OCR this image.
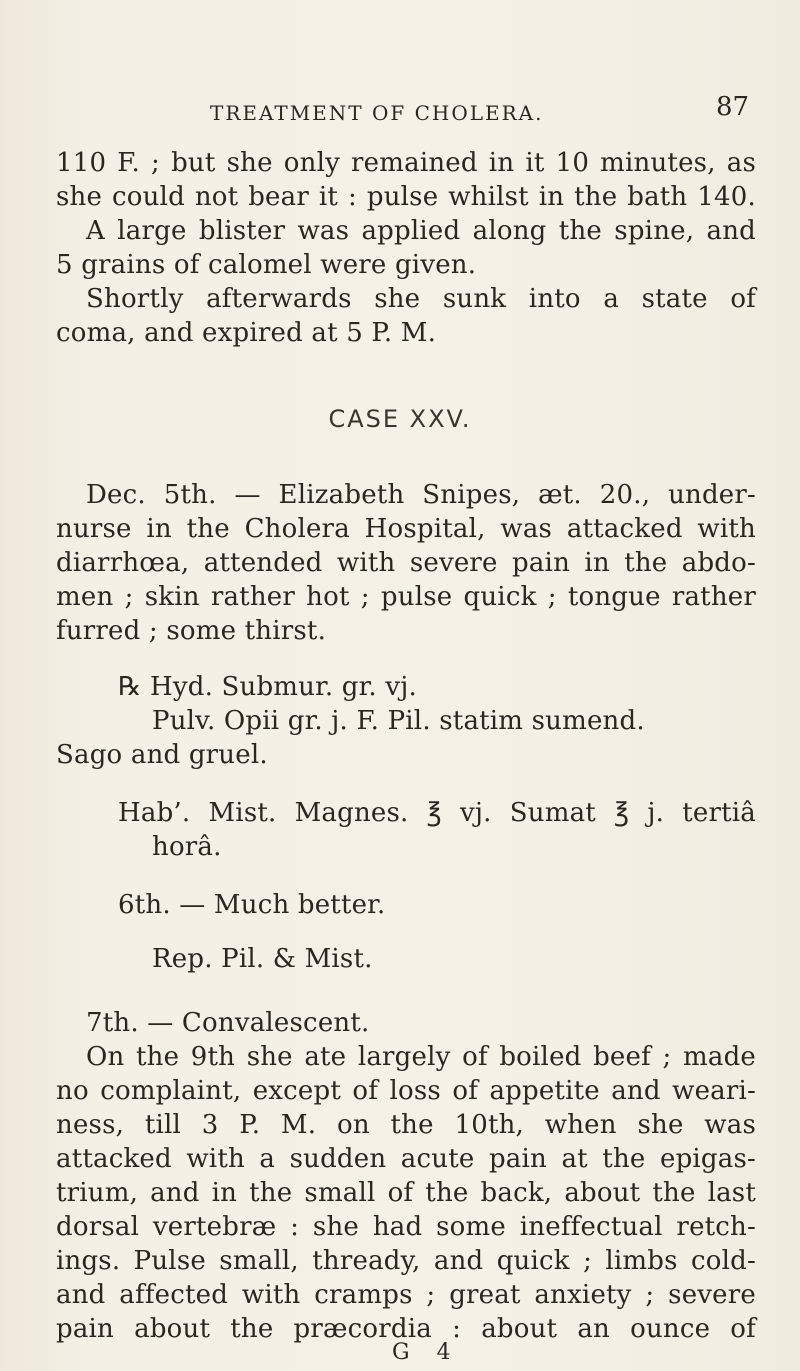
TREATMENT OF CHOLERA.	87
110 F. ; but she only remained in it 10 minutes, as
she could not bear it : pulse whilst in the bath 140.
A large blister was applied along the spine, and
5 grains of calomel were given.
Shortly afterwards she sunk into a state of
coma, and expired at 5 P. M.
CASE XXV.
Dec. 5th. — Elizabeth Snipes, æt. 20., under-
nurse in the Cholera Hospital, was attacked with
diarrhœa, attended with severe pain in the abdo-
men ; skin rather hot ; pulse quick ; tongue rather
furred ; some thirst.
℞ Hyd. Submur. gr. vj.
Pulv. Opii gr. j. F. Pil. statim sumend.
Sago and gruel.
Hab’. Mist. Magnes. ℥ vj. Sumat ℥ j. tertiâ
horâ.
6th. — Much better.
Rep. Pil. & Mist.
7th. — Convalescent.
On the 9th she ate largely of boiled beef ; made
no complaint, except of loss of appetite and weari-
ness, till 3 P. M. on the 10th, when she was
attacked with a sudden acute pain at the epigas-
trium, and in the small of the back, about the last
dorsal vertebræ : she had some ineffectual retch-
ings. Pulse small, thready, and quick ; limbs cold-
and affected with cramps ; great anxiety ; severe
pain about the præcordia : about an ounce of
G 4
